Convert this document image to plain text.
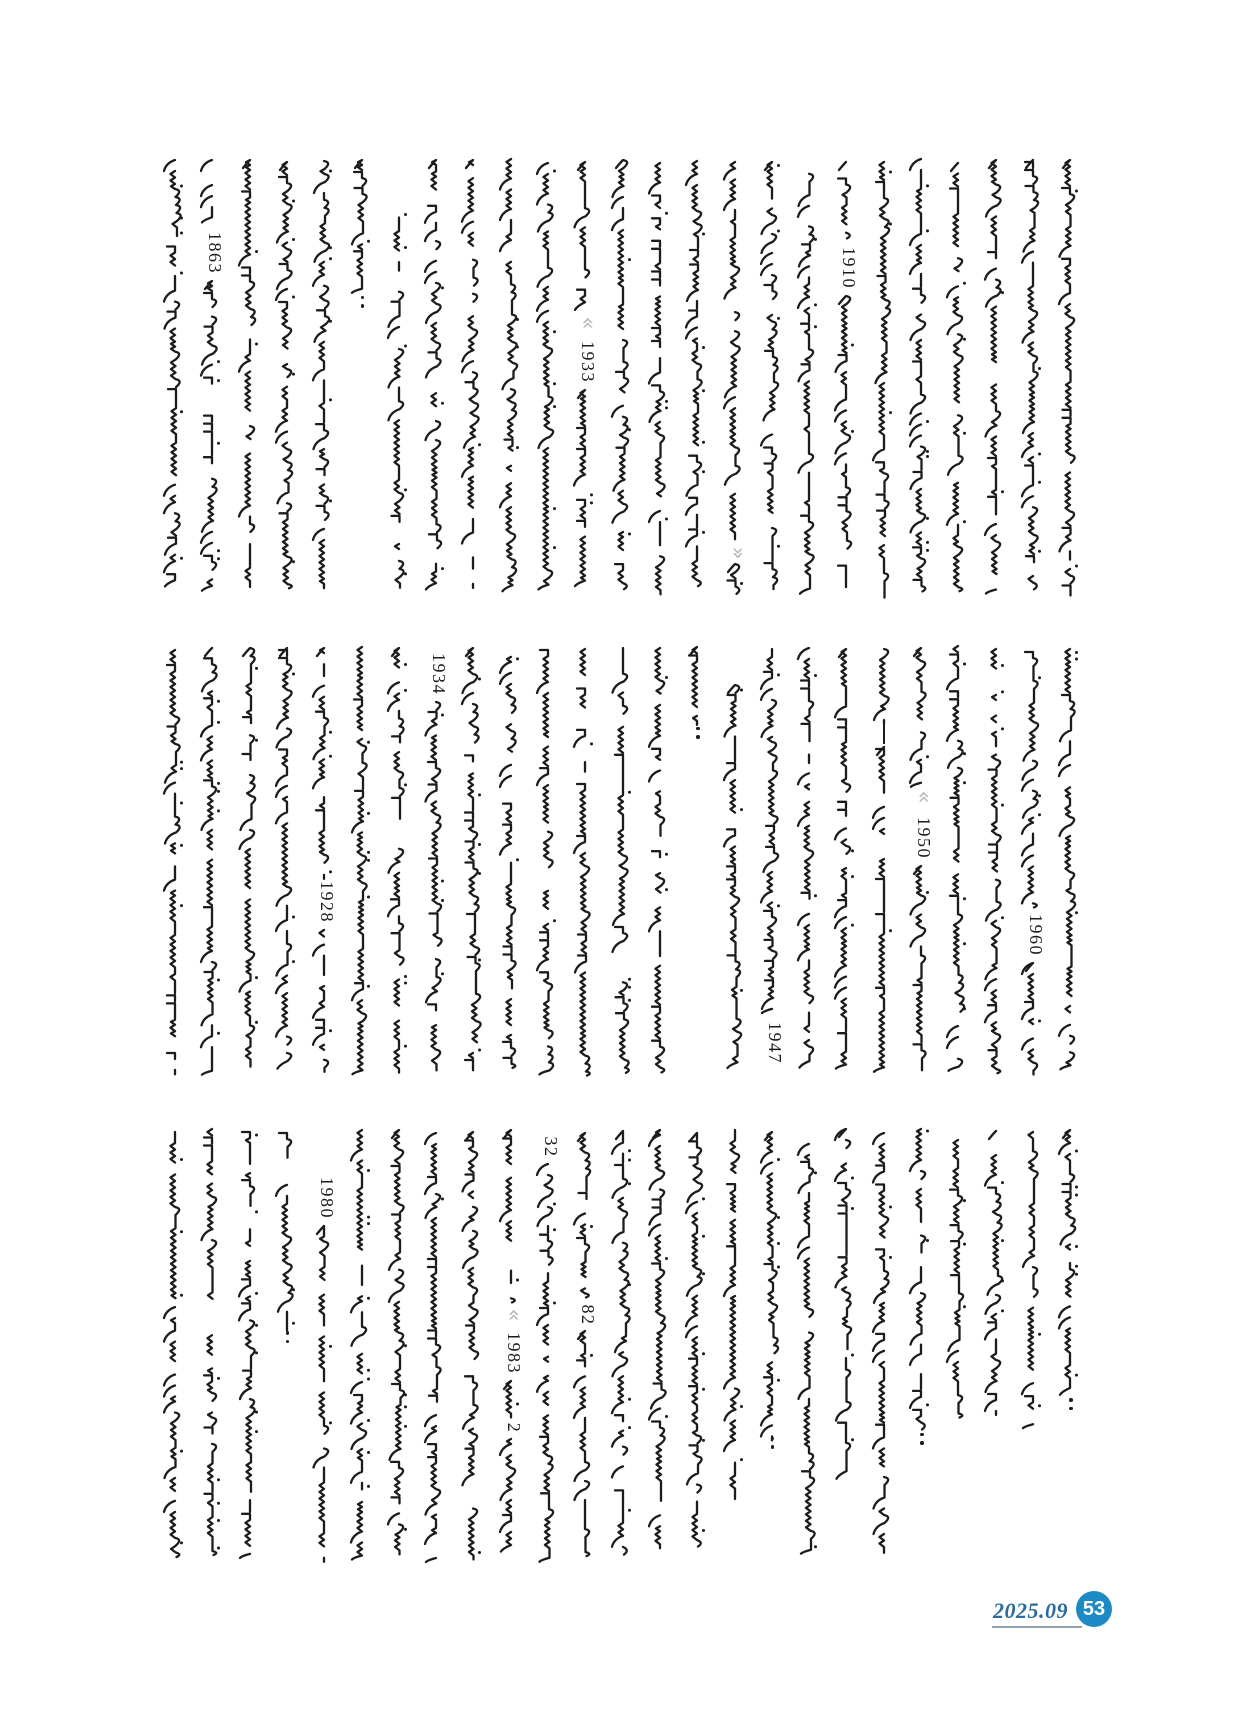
1863
«
1933
»
1910
1928
1934
1947
«
1950
1960
1980
«
1983
2
32
82
2025.09 53
